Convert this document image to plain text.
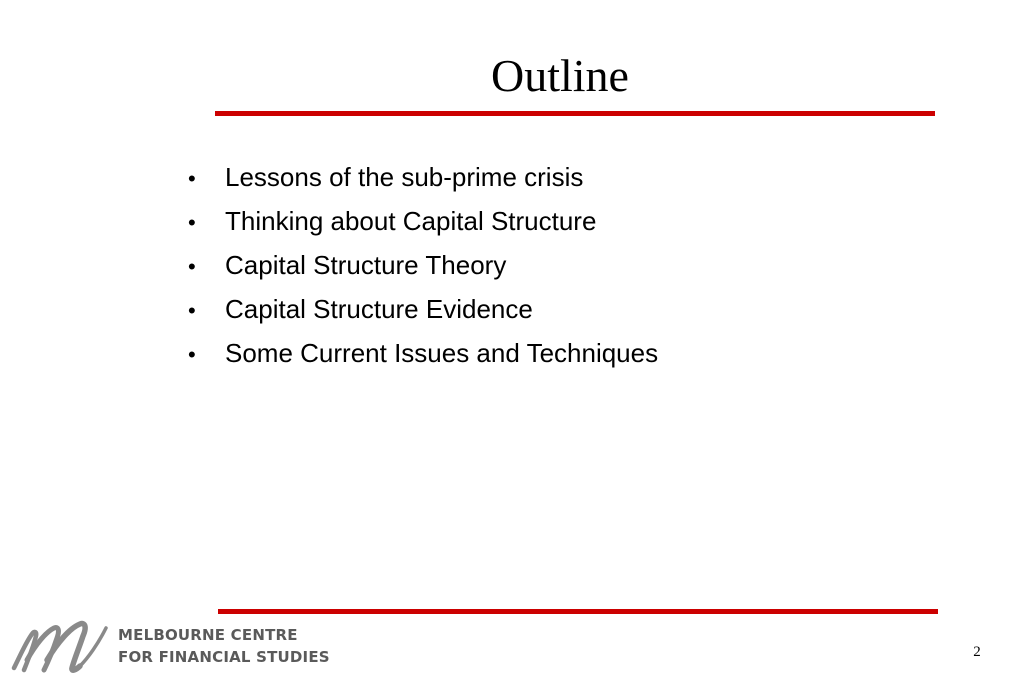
Outline
•	Lessons of the sub-prime crisis
•	Thinking about Capital Structure
•	Capital Structure Theory
•	Capital Structure Evidence
•	Some Current Issues and Techniques
MELBOURNE CENTRE
FOR FINANCIAL STUDIES	2
